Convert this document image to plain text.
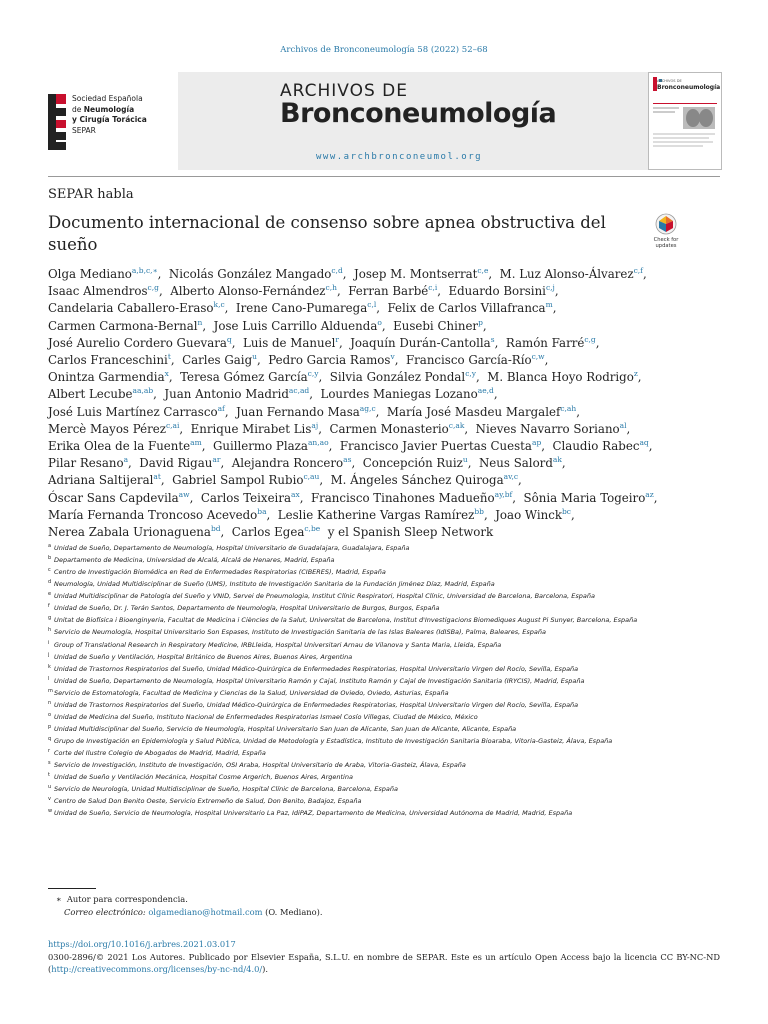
Archivos de Bronconeumología 58 (2022) 52–68
Sociedad Española
de Neumología
y Cirugía Torácica
SEPAR
ARCHIVOS DE
Bronconeumología
www.archbronconeumol.org
ARCHIVOS DE
Bronconeumología
SEPAR habla
Documento internacional de consenso sobre apnea obstructiva del sueño	Check for
updates
Olga Mediano$^{a,b,c,∗}$,  Nicolás González Mangado$^{c,d}$,  Josep M. Montserrat$^{c,e}$,  M. Luz Alonso-Álvarez$^{c,f}$,
Isaac Almendros$^{c,g}$,  Alberto Alonso-Fernández$^{c,h}$,  Ferran Barbé$^{c,i}$,  Eduardo Borsini$^{c,j}$,
Candelaria Caballero-Eraso$^{k,c}$,  Irene Cano-Pumarega$^{c,l}$,  Felix de Carlos Villafranca$^m$,
Carmen Carmona-Bernal$^n$,  Jose Luis Carrillo Alduenda$^o$,  Eusebi Chiner$^p$,
José Aurelio Cordero Guevara$^q$,  Luis de Manuel$^r$,  Joaquín Durán-Cantolla$^s$,  Ramón Farré$^{c,g}$,
Carlos Franceschini$^t$,  Carles Gaig$^u$,  Pedro Garcia Ramos$^v$,  Francisco García-Río$^{c,w}$,
Onintza Garmendia$^x$,  Teresa Gómez García$^{c,y}$,  Silvia González Pondal$^{c,y}$,  M. Blanca Hoyo Rodrigo$^z$,
Albert Lecube$^{aa,ab}$,  Juan Antonio Madrid$^{ac,ad}$,  Lourdes Maniegas Lozano$^{ae,d}$,
José Luis Martínez Carrasco$^{af}$,  Juan Fernando Masa$^{ag,c}$,  María José Masdeu Margalef$^{c,ah}$,
Mercè Mayos Pérez$^{c,ai}$,  Enrique Mirabet Lis$^{aj}$,  Carmen Monasterio$^{c,ak}$,  Nieves Navarro Soriano$^{al}$,
Erika Olea de la Fuente$^{am}$,  Guillermo Plaza$^{an,ao}$,  Francisco Javier Puertas Cuesta$^{ap}$,  Claudio Rabec$^{aq}$,
Pilar Resano$^a$,  David Rigau$^{ar}$,  Alejandra Roncero$^{as}$,  Concepción Ruiz$^u$,  Neus Salord$^{ak}$,
Adriana Saltijeral$^{at}$,  Gabriel Sampol Rubio$^{c,au}$,  M. Ángeles Sánchez Quiroga$^{av,c}$,
Óscar Sans Capdevila$^{aw}$,  Carlos Teixeira$^{ax}$,  Francisco Tinahones Madueño$^{ay,bf}$,  Sônia Maria Togeiro$^{az}$,
María Fernanda Troncoso Acevedo$^{ba}$,  Leslie Katherine Vargas Ramírez$^{bb}$,  Joao Winck$^{bc}$,
Nerea Zabala Urionaguena$^{bd}$,  Carlos Egea$^{c,be}$ y el Spanish Sleep Network
a Unidad de Sueño, Departamento de Neumología, Hospital Universitario de Guadalajara, Guadalajara, España
b Departamento de Medicina, Universidad de Alcalá, Alcalá de Henares, Madrid, España
c Centro de Investigación Biomédica en Red de Enfermedades Respiratorias (CIBERES), Madrid, España
d Neumología, Unidad Multidisciplinar de Sueño (UMS), Instituto de Investigación Sanitaria de la Fundación Jiménez Díaz, Madrid, España
e Unidad Multidisciplinar de Patología del Sueño y VNID, Servei de Pneumologia, Institut Clínic Respiratori, Hospital Clínic, Universidad de Barcelona, Barcelona, España
f Unidad de Sueño, Dr. J. Terán Santos, Departamento de Neumología, Hospital Universitario de Burgos, Burgos, España
g Unitat de Biofísica i Bioenginyeria, Facultat de Medicina i Ciències de la Salut, Universitat de Barcelona, Institut d'Investigacions Biomediques August Pi Sunyer, Barcelona, España
h Servicio de Neumología, Hospital Universitario Son Espases, Instituto de Investigación Sanitaria de las Islas Baleares (IdISBa), Palma, Baleares, España
i Group of Translational Research in Respiratory Medicine, IRBLleida, Hospital Universitari Arnau de Vilanova y Santa Maria, Lleida, España
j Unidad de Sueño y Ventilación, Hospital Británico de Buenos Aires, Buenos Aires, Argentina
k Unidad de Trastornos Respiratorios del Sueño, Unidad Médico-Quirúrgica de Enfermedades Respiratorias, Hospital Universitario Virgen del Rocío, Sevilla, España
l Unidad de Sueño, Departamento de Neumología, Hospital Universitario Ramón y Cajal, Instituto Ramón y Cajal de Investigación Sanitaria (IRYCIS), Madrid, España
mServicio de Estomatología, Facultad de Medicina y Ciencias de la Salud, Universidad de Oviedo, Oviedo, Asturias, España
n Unidad de Trastornos Respiratorios del Sueño, Unidad Médico-Quirúrgica de Enfermedades Respiratorias, Hospital Universitario Virgen del Rocío, Sevilla, España
o Unidad de Medicina del Sueño, Instituto Nacional de Enfermedades Respiratorias Ismael Cosío Villegas, Ciudad de México, México
p Unidad Multidisciplinar del Sueño, Servicio de Neumología, Hospital Universitario San Juan de Alicante, San Juan de Alicante, Alicante, España
q Grupo de Investigación en Epidemiología y Salud Pública, Unidad de Metodología y Estadística, Instituto de Investigación Sanitaria Bioaraba, Vitoria-Gasteiz, Álava, España
r Corte del Ilustre Colegio de Abogados de Madrid, Madrid, España
s Servicio de Investigación, Instituto de Investigación, OSI Araba, Hospital Universitario de Araba, Vitoria-Gasteiz, Álava, España
t Unidad de Sueño y Ventilación Mecánica, Hospital Cosme Argerich, Buenos Aires, Argentina
u Servicio de Neurología, Unidad Multidisciplinar de Sueño, Hospital Clínic de Barcelona, Barcelona, España
v Centro de Salud Don Benito Oeste, Servicio Extremeño de Salud, Don Benito, Badajoz, España
w Unidad de Sueño, Servicio de Neumología, Hospital Universitario La Paz, IdiPAZ, Departamento de Medicina, Universidad Autónoma de Madrid, Madrid, España
∗ Autor para correspondencia.
Correo electrónico: olgamediano@hotmail.com (O. Mediano).
https://doi.org/10.1016/j.arbres.2021.03.017
0300-2896/© 2021 Los Autores. Publicado por Elsevier España, S.L.U. en nombre de SEPAR. Este es un artículo Open Access bajo la licencia CC BY-NC-ND (http://creativecommons.org/licenses/by-nc-nd/4.0/).
